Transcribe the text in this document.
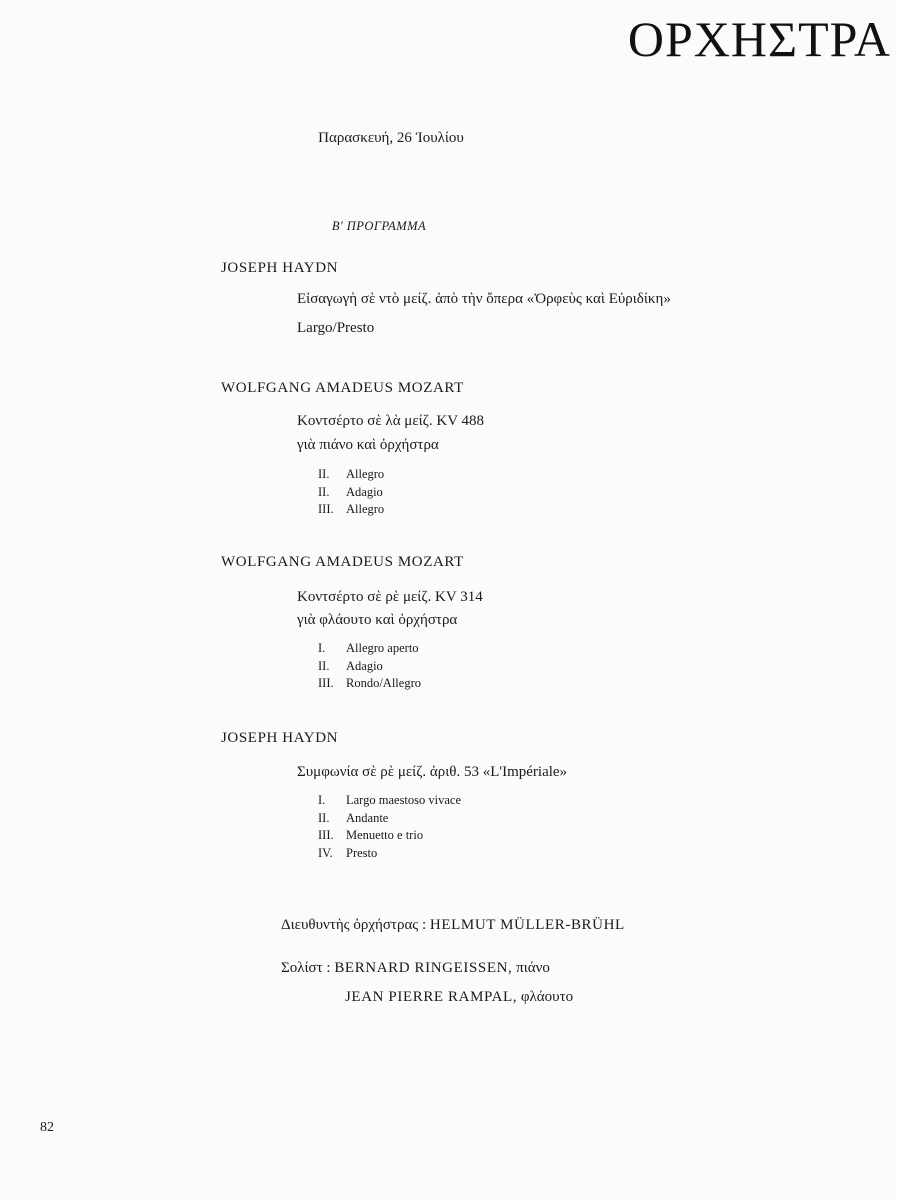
ΟΡΧΗΣΤΡΑ
Παρασκευή, 26 Ἰουλίου
Β' ΠΡΟΓΡΑΜΜΑ
JOSEPH HAYDN
Εἰσαγωγὴ σὲ ντὸ μείζ. ἀπὸ τὴν ὄπερα «Ὀρφεὺς καὶ Εὐριδίκη»
Largo/Presto
WOLFGANG AMADEUS MOZART
Κοντσέρτο σὲ λὰ μείζ. KV 488
γιὰ πιάνο καὶ ὀρχήστρα
II.	Allegro
II.	Adagio
III. Allegro
WOLFGANG AMADEUS MOZART
Κοντσέρτο σὲ ρὲ μείζ. KV 314
γιὰ φλάουτο καὶ ὀρχήστρα
I.	Allegro aperto
II.	Adagio
III. Rondo/Allegro
JOSEPH HAYDN
Συμφωνία σὲ ρὲ μείζ. ἀριθ. 53 «L'Impériale»
I.	Largo maestoso vivace
II.	Andante
III. Menuetto e trio
IV.	Presto
Διευθυντὴς ὀρχήστρας : HELMUT MÜLLER-BRÜHL
Σολίστ : BERNARD RINGEISSEN, πιάνο
JEAN PIERRE RAMPAL, φλάουτο
82
